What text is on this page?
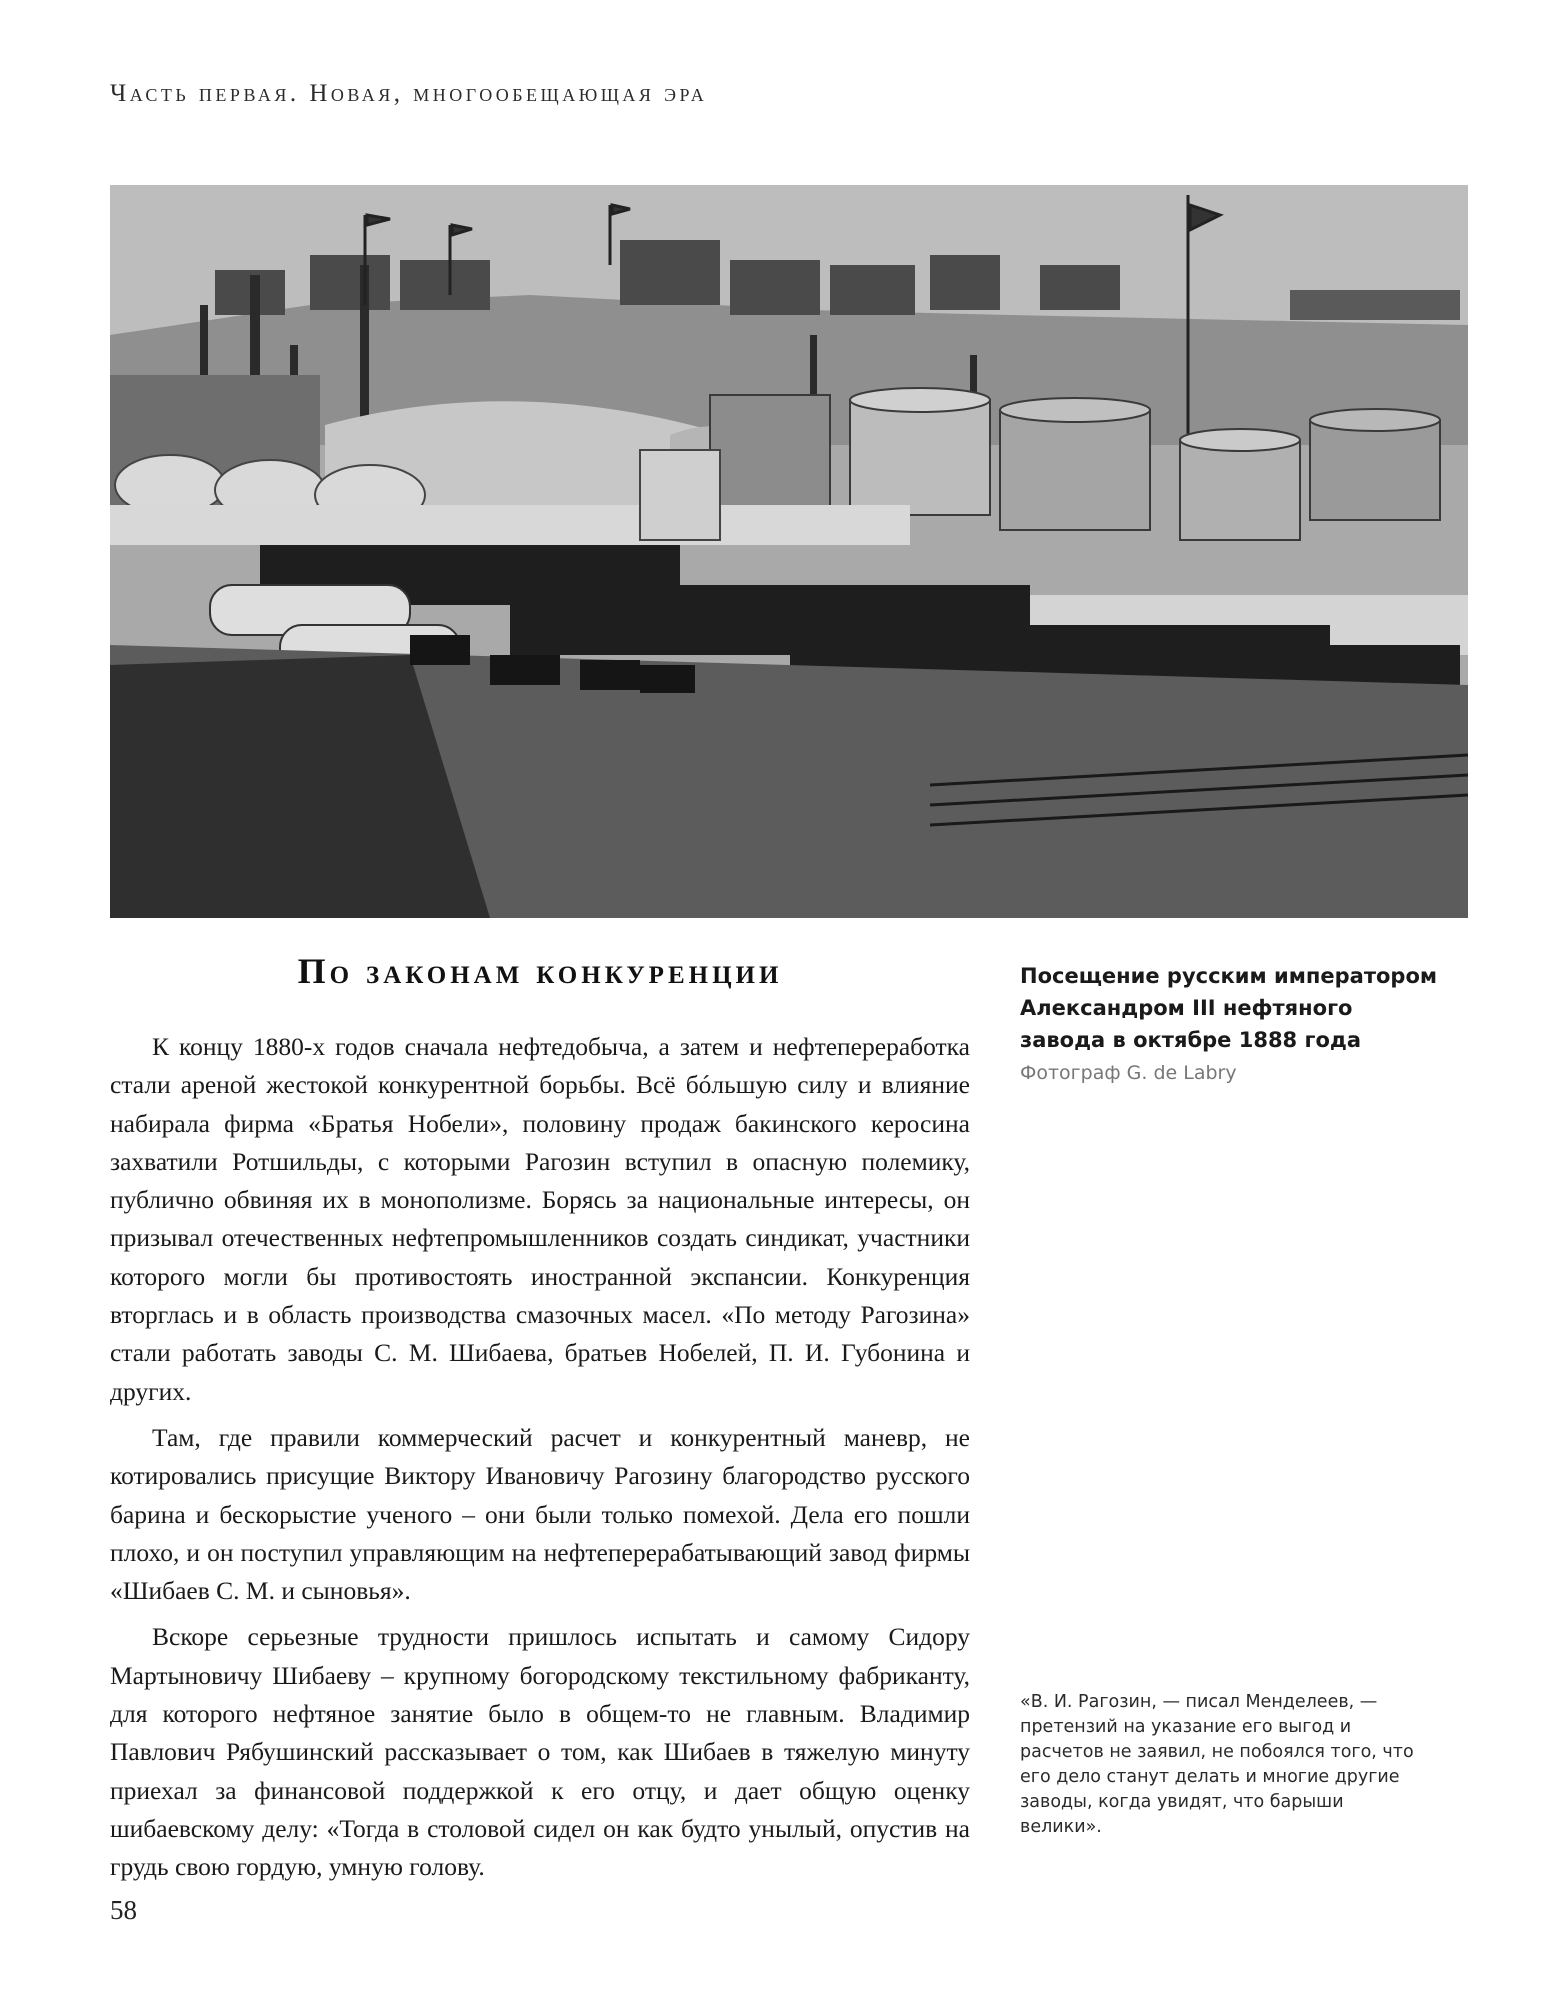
Часть первая. Новая, многообещающая эра
По законам конкуренции

К концу 1880-х годов сначала нефтедобыча, а затем и нефтепереработка стали ареной жестокой конкурентной борьбы. Всё бóльшую силу и влияние набирала фирма «Братья Нобели», половину продаж бакинского керосина захватили Ротшильды, с которыми Рагозин вступил в опасную полемику, публично обвиняя их в монополизме. Борясь за национальные интересы, он призывал отечественных нефтепромышленников создать синдикат, участники которого могли бы противостоять иностранной экспансии. Конкуренция вторглась и в область производства смазочных масел. «По методу Рагозина» стали работать заводы С. М. Шибаева, братьев Нобелей, П. И. Губонина и других.

Там, где правили коммерческий расчет и конкурентный маневр, не котировались присущие Виктору Ивановичу Рагозину благородство русского барина и бескорыстие ученого – они были только помехой. Дела его пошли плохо, и он поступил управляющим на нефтеперерабатывающий завод фирмы «Шибаев С. М. и сыновья».

Вскоре серьезные трудности пришлось испытать и самому Сидору Мартыновичу Шибаеву – крупному богородскому текстильному фабриканту, для которого нефтяное занятие было в общем-то не главным. Владимир Павлович Рябушинский рассказывает о том, как Шибаев в тяжелую минуту приехал за финансовой поддержкой к его отцу, и дает общую оценку шибаевскому делу: «Тогда в столовой сидел он как будто унылый, опустив на грудь свою гордую, умную голову.

Посещение русским императором Александром III нефтяного завода в октябре 1888 года
Фотограф G. de Labry
«В. И. Рагозин, — писал Менделеев, — претензий на указание его выгод и расчетов не заявил, не побоялся того, что его дело станут делать и многие другие заводы, когда увидят, что барыши велики».
58
